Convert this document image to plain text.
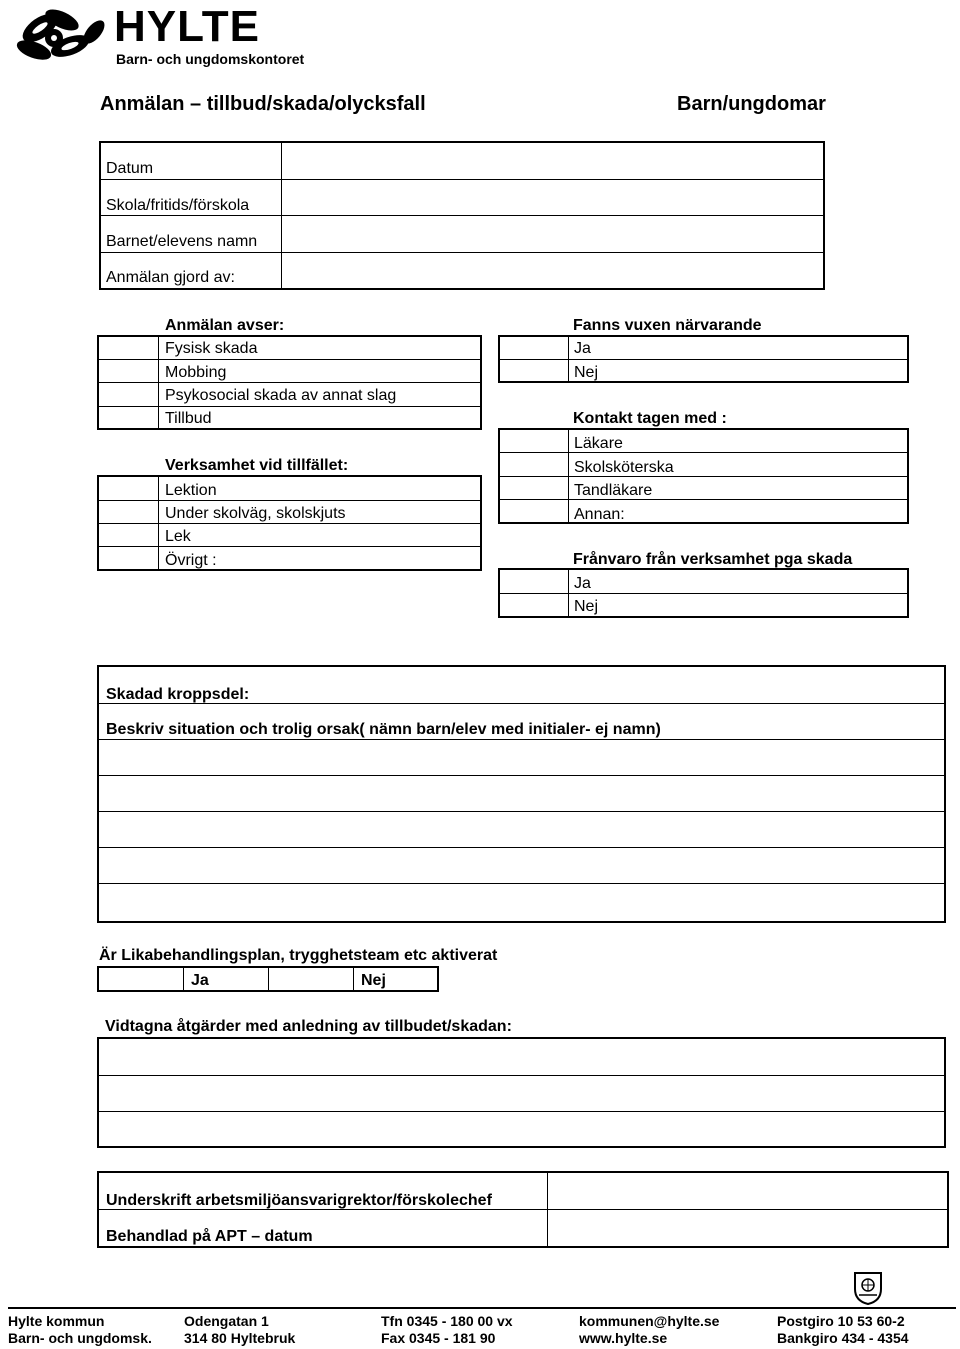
HYLTE
Barn- och ungdomskontoret
Anmälan – tillbud/skada/olycksfall	Barn/ungdomar
Datum
Skola/fritids/förskola
Barnet/elevens namn
Anmälan gjord av:
Anmälan avser:
Fysisk skada
Mobbing
Psykosocial skada av annat slag
Tillbud
Verksamhet vid tillfället:
Lektion
Under skolväg, skolskjuts
Lek
Övrigt :
Fanns vuxen närvarande
Ja
Nej
Kontakt tagen med :
Läkare
Skolsköterska
Tandläkare
Annan:
Frånvaro från verksamhet pga skada
Ja
Nej
Skadad kroppsdel:
Beskriv situation och trolig orsak( nämn barn/elev med initialer- ej namn)
Är Likabehandlingsplan, trygghetsteam etc aktiverat
Ja	Nej
Vidtagna åtgärder med anledning av tillbudet/skadan:
Underskrift arbetsmiljöansvarigrektor/förskolechef
Behandlad på APT – datum
Hylte kommun
Barn- och ungdomsk.
Odengatan 1
314 80 Hyltebruk
Tfn 0345 - 180 00 vx
Fax 0345 - 181 90
kommunen@hylte.se
www.hylte.se
Postgiro 10 53 60-2
Bankgiro 434 - 4354
